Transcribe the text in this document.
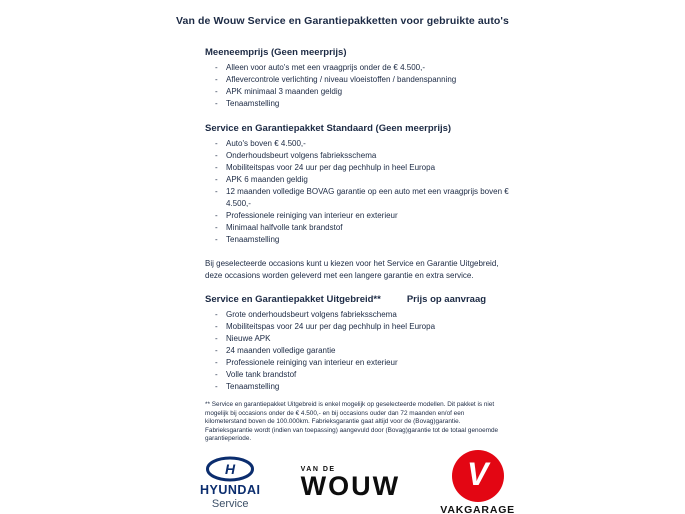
Van de Wouw Service en Garantiepakketten voor gebruikte auto's
Meeneemprijs (Geen meerprijs)
- Alleen voor auto's met een vraagprijs onder de € 4.500,-
- Aflevercontrole verlichting / niveau vloeistoffen / bandenspanning
- APK minimaal 3 maanden geldig
- Tenaamstelling
Service en Garantiepakket Standaard (Geen meerprijs)
- Auto's boven € 4.500,-
- Onderhoudsbeurt volgens fabrieksschema
- Mobiliteitspas voor 24 uur per dag pechhulp in heel Europa
- APK 6 maanden geldig
- 12 maanden volledige BOVAG garantie op een auto met een vraagprijs boven € 4.500,-
- Professionele reiniging van interieur en exterieur
- Minimaal halfvolle tank brandstof
- Tenaamstelling
Bij geselecteerde occasions kunt u kiezen voor het Service en Garantie Uitgebreid, deze occasions worden geleverd met een langere garantie en extra service.
Service en Garantiepakket Uitgebreid**	Prijs op aanvraag
- Grote onderhoudsbeurt volgens fabrieksschema
- Mobiliteitspas voor 24 uur per dag pechhulp in heel Europa
- Nieuwe APK
- 24 maanden volledige garantie
- Professionele reiniging van interieur en exterieur
- Volle tank brandstof
- Tenaamstelling
** Service en garantiepakket Uitgebreid is enkel mogelijk op geselecteerde modellen. Dit pakket is niet mogelijk bij occasions onder de € 4.500,- en bij occasions ouder dan 72 maanden en/of een kilometerstand boven de 100.000km. Fabrieksgarantie gaat altijd voor de (Bovag)garantie. Fabrieksgarantie wordt (indien van toepassing) aangevuld door (Bovag)garantie tot de totaal genoemde garantieperiode.
H
HYUNDAI
Service
VAN DE
WOUW V
VAKGARAGE
